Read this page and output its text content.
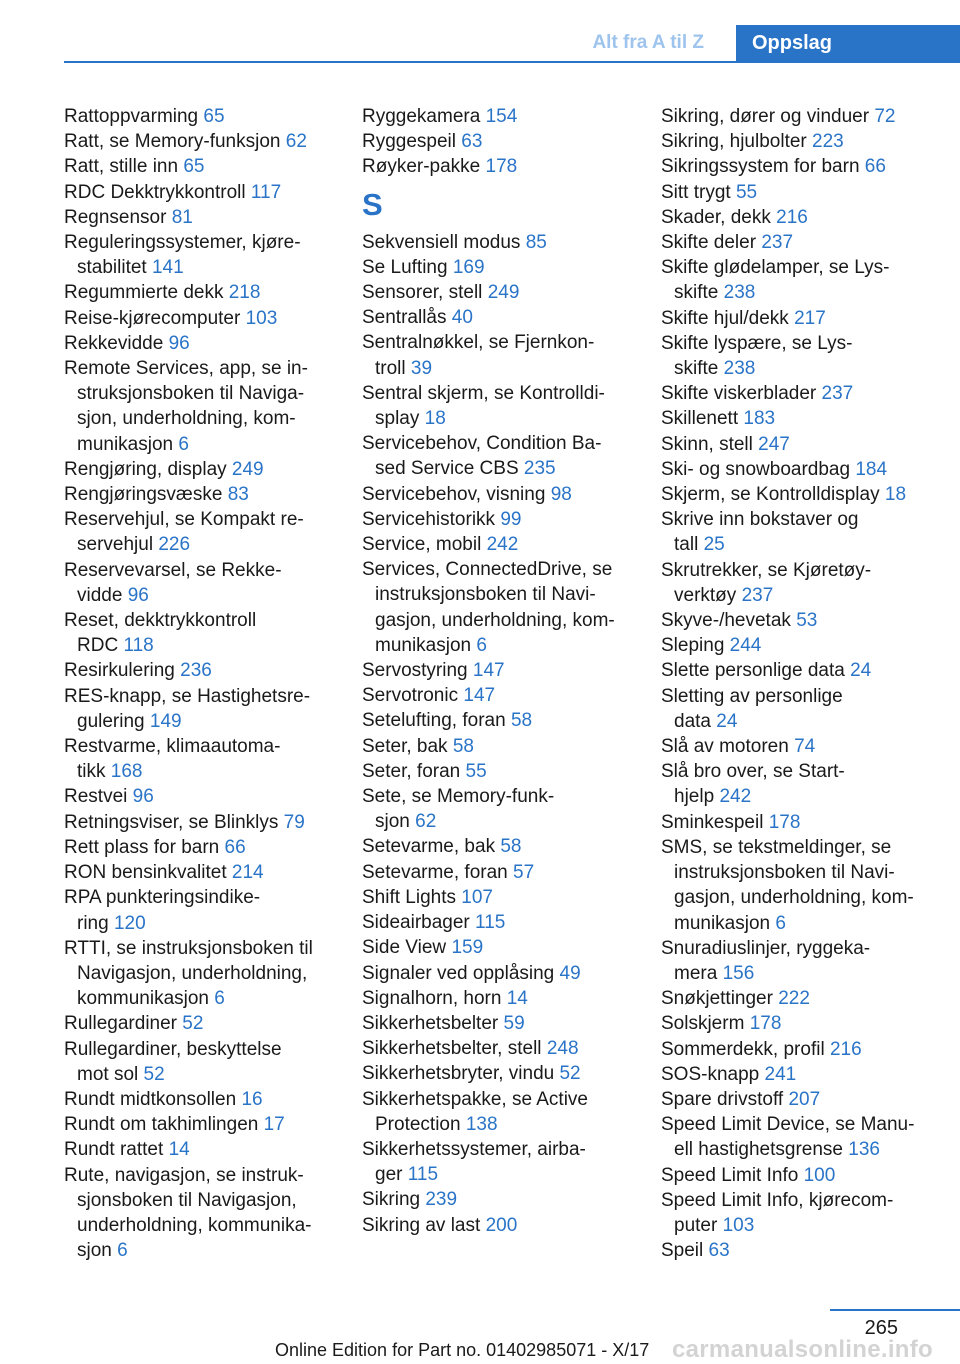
Alt fra A til Z	Oppslag
Rattoppvarming 65
Ratt, se Memory-funksjon 62
Ratt, stille inn 65
RDC Dekktrykkontroll 117
Regnsensor 81
Reguleringssystemer, kjøre-
stabilitet 141
Regummierte dekk 218
Reise-kjørecomputer 103
Rekkevidde 96
Remote Services, app, se in-
struksjonsboken til Naviga-
sjon, underholdning, kom-
munikasjon 6
Rengjøring, display 249
Rengjøringsvæske 83
Reservehjul, se Kompakt re-
servehjul 226
Reservevarsel, se Rekke-
vidde 96
Reset, dekktrykkontroll
RDC 118
Resirkulering 236
RES-knapp, se Hastighetsre-
gulering 149
Restvarme, klimaautoma-
tikk 168
Restvei 96
Retningsviser, se Blinklys 79
Rett plass for barn 66
RON bensinkvalitet 214
RPA punkteringsindike-
ring 120
RTTI, se instruksjonsboken til
Navigasjon, underholdning,
kommunikasjon 6
Rullegardiner 52
Rullegardiner, beskyttelse
mot sol 52
Rundt midtkonsollen 16
Rundt om takhimlingen 17
Rundt rattet 14
Rute, navigasjon, se instruk-
sjonsboken til Navigasjon,
underholdning, kommunika-
sjon 6
Ryggekamera 154
Ryggespeil 63
Røyker-pakke 178
S
Sekvensiell modus 85
Se Lufting 169
Sensorer, stell 249
Sentrallås 40
Sentralnøkkel, se Fjernkon-
troll 39
Sentral skjerm, se Kontrolldi-
splay 18
Servicebehov, Condition Ba-
sed Service CBS 235
Servicebehov, visning 98
Servicehistorikk 99
Service, mobil 242
Services, ConnectedDrive, se
instruksjonsboken til Navi-
gasjon, underholdning, kom-
munikasjon 6
Servostyring 147
Servotronic 147
Setelufting, foran 58
Seter, bak 58
Seter, foran 55
Sete, se Memory-funk-
sjon 62
Setevarme, bak 58
Setevarme, foran 57
Shift Lights 107
Sideairbager 115
Side View 159
Signaler ved opplåsing 49
Signalhorn, horn 14
Sikkerhetsbelter 59
Sikkerhetsbelter, stell 248
Sikkerhetsbryter, vindu 52
Sikkerhetspakke, se Active
Protection 138
Sikkerhetssystemer, airba-
ger 115
Sikring 239
Sikring av last 200
Sikring, dører og vinduer 72
Sikring, hjulbolter 223
Sikringssystem for barn 66
Sitt trygt 55
Skader, dekk 216
Skifte deler 237
Skifte glødelamper, se Lys-
skifte 238
Skifte hjul/dekk 217
Skifte lyspære, se Lys-
skifte 238
Skifte viskerblader 237
Skillenett 183
Skinn, stell 247
Ski- og snowboardbag 184
Skjerm, se Kontrolldisplay 18
Skrive inn bokstaver og
tall 25
Skrutrekker, se Kjøretøy-
verktøy 237
Skyve-/hevetak 53
Sleping 244
Slette personlige data 24
Sletting av personlige
data 24
Slå av motoren 74
Slå bro over, se Start-
hjelp 242
Sminkespeil 178
SMS, se tekstmeldinger, se
instruksjonsboken til Navi-
gasjon, underholdning, kom-
munikasjon 6
Snuradiuslinjer, ryggeka-
mera 156
Snøkjettinger 222
Solskjerm 178
Sommerdekk, profil 216
SOS-knapp 241
Spare drivstoff 207
Speed Limit Device, se Manu-
ell hastighetsgrense 136
Speed Limit Info 100
Speed Limit Info, kjørecom-
puter 103
Speil 63
265
Online Edition for Part no. 01402985071 - X/17 carmanualsonline.info
